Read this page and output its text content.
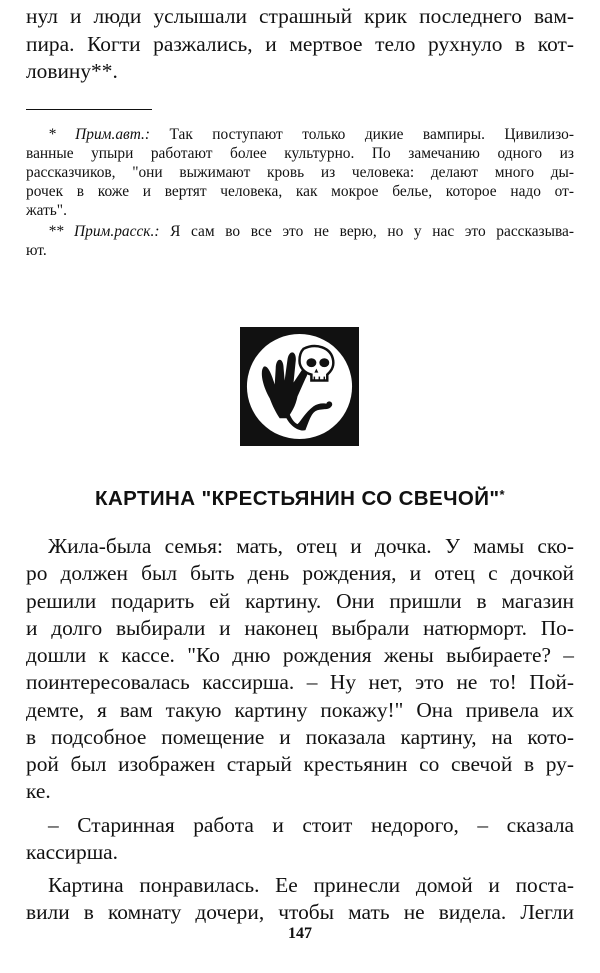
нул и люди услышали страшный крик последнего вам-
пира. Когти разжались, и мертвое тело рухнуло в кот-
ловину**.
* Прим.авт.: Так поступают только дикие вампиры. Цивилизо-
ванные упыри работают более культурно. По замечанию одного из
рассказчиков, "они выжимают кровь из человека: делают много ды-
рочек в коже и вертят человека, как мокрое белье, которое надо от-
жать".
** Прим.расск.: Я сам во все это не верю, но у нас это рассказыва-
ют.
КАРТИНА "КРЕСТЬЯНИН СО СВЕЧОЙ"*
Жила-была семья: мать, отец и дочка. У мамы ско-
ро должен был быть день рождения, и отец с дочкой
решили подарить ей картину. Они пришли в магазин
и долго выбирали и наконец выбрали натюрморт. По-
дошли к кассе. "Ко дню рождения жены выбираете? –
поинтересовалась кассирша. – Ну нет, это не то! Пой-
демте, я вам такую картину покажу!" Она привела их
в подсобное помещение и показала картину, на кото-
рой был изображен старый крестьянин со свечой в ру-
ке.
– Старинная работа и стоит недорого, – сказала
кассирша.
Картина понравилась. Ее принесли домой и поста-
вили в комнату дочери, чтобы мать не видела. Легли
147
